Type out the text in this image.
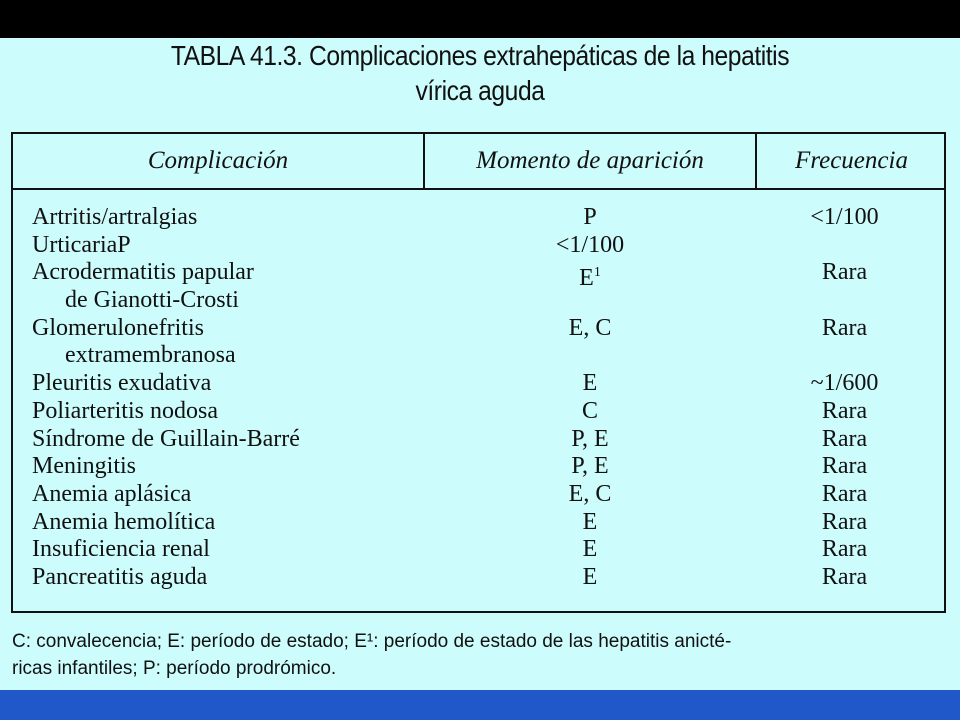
TABLA 41.3. Complicaciones extrahepáticas de la hepatitis
vírica aguda
Complicación	Momento de aparición	Frecuencia
Artritis/artralgias	P	<1/100
UrticariaP	<1/100
Acrodermatitis papular	$E^1$	Rara
de Gianotti-Crosti
Glomerulonefritis	E, C	Rara
extramembranosa
Pleuritis exudativa	E	~1/600
Poliarteritis nodosa	C	Rara
Síndrome de Guillain-Barré	P, E	Rara
Meningitis	P, E	Rara
Anemia aplásica	E, C	Rara
Anemia hemolítica	E	Rara
Insuficiencia renal	E	Rara
Pancreatitis aguda	E	Rara
C: convalecencia; E: período de estado; E¹: período de estado de las hepatitis anicté-
ricas infantiles; P: período prodrómico.
